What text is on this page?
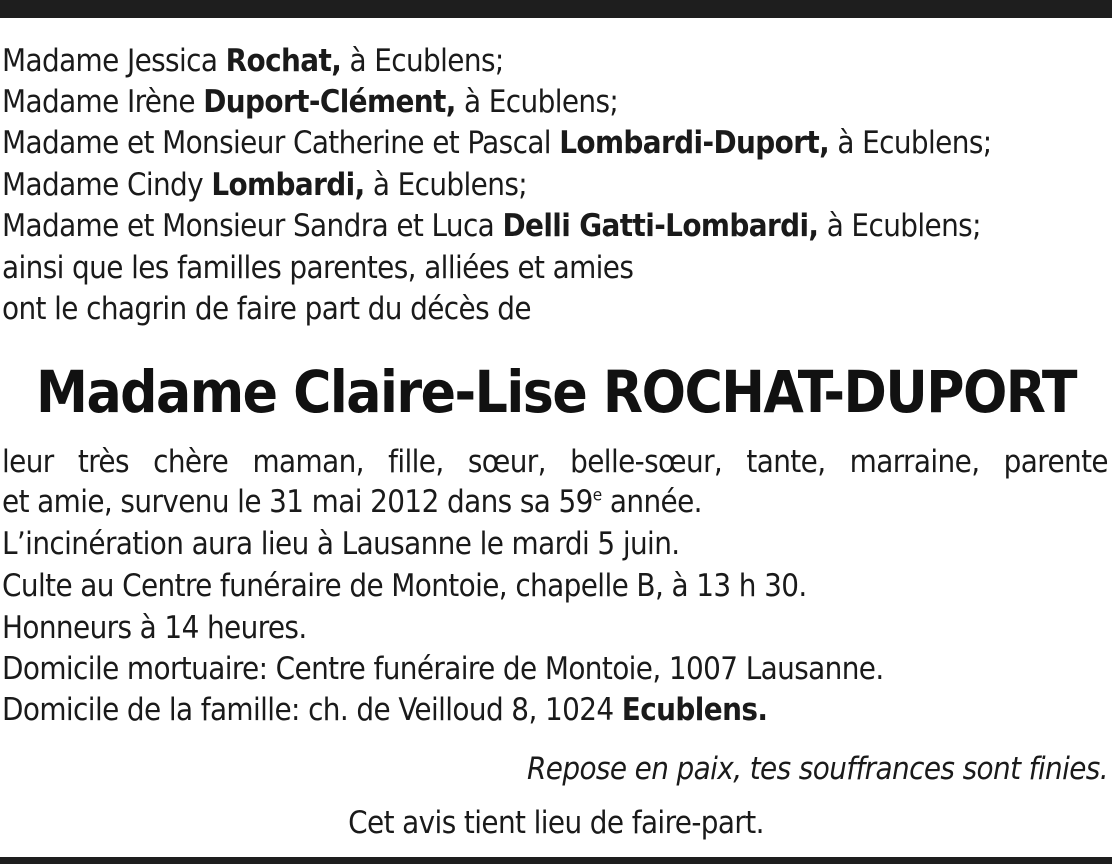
Madame Jessica Rochat, à Ecublens;
Madame Irène Duport-Clément, à Ecublens;
Madame et Monsieur Catherine et Pascal Lombardi-Duport, à Ecublens;
Madame Cindy Lombardi, à Ecublens;
Madame et Monsieur Sandra et Luca Delli Gatti-Lombardi, à Ecublens;
ainsi que les familles parentes, alliées et amies
ont le chagrin de faire part du décès de
Madame Claire-Lise ROCHAT-DUPORT
leur très chère maman, fille, sœur, belle-sœur, tante, marraine, parente
et amie, survenu le 31 mai 2012 dans sa 59e année.
L’incinération aura lieu à Lausanne le mardi 5 juin.
Culte au Centre funéraire de Montoie, chapelle B, à 13 h 30.
Honneurs à 14 heures.
Domicile mortuaire: Centre funéraire de Montoie, 1007 Lausanne.
Domicile de la famille: ch. de Veilloud 8, 1024 Ecublens.
Repose en paix, tes souffrances sont finies.
Cet avis tient lieu de faire-part.
